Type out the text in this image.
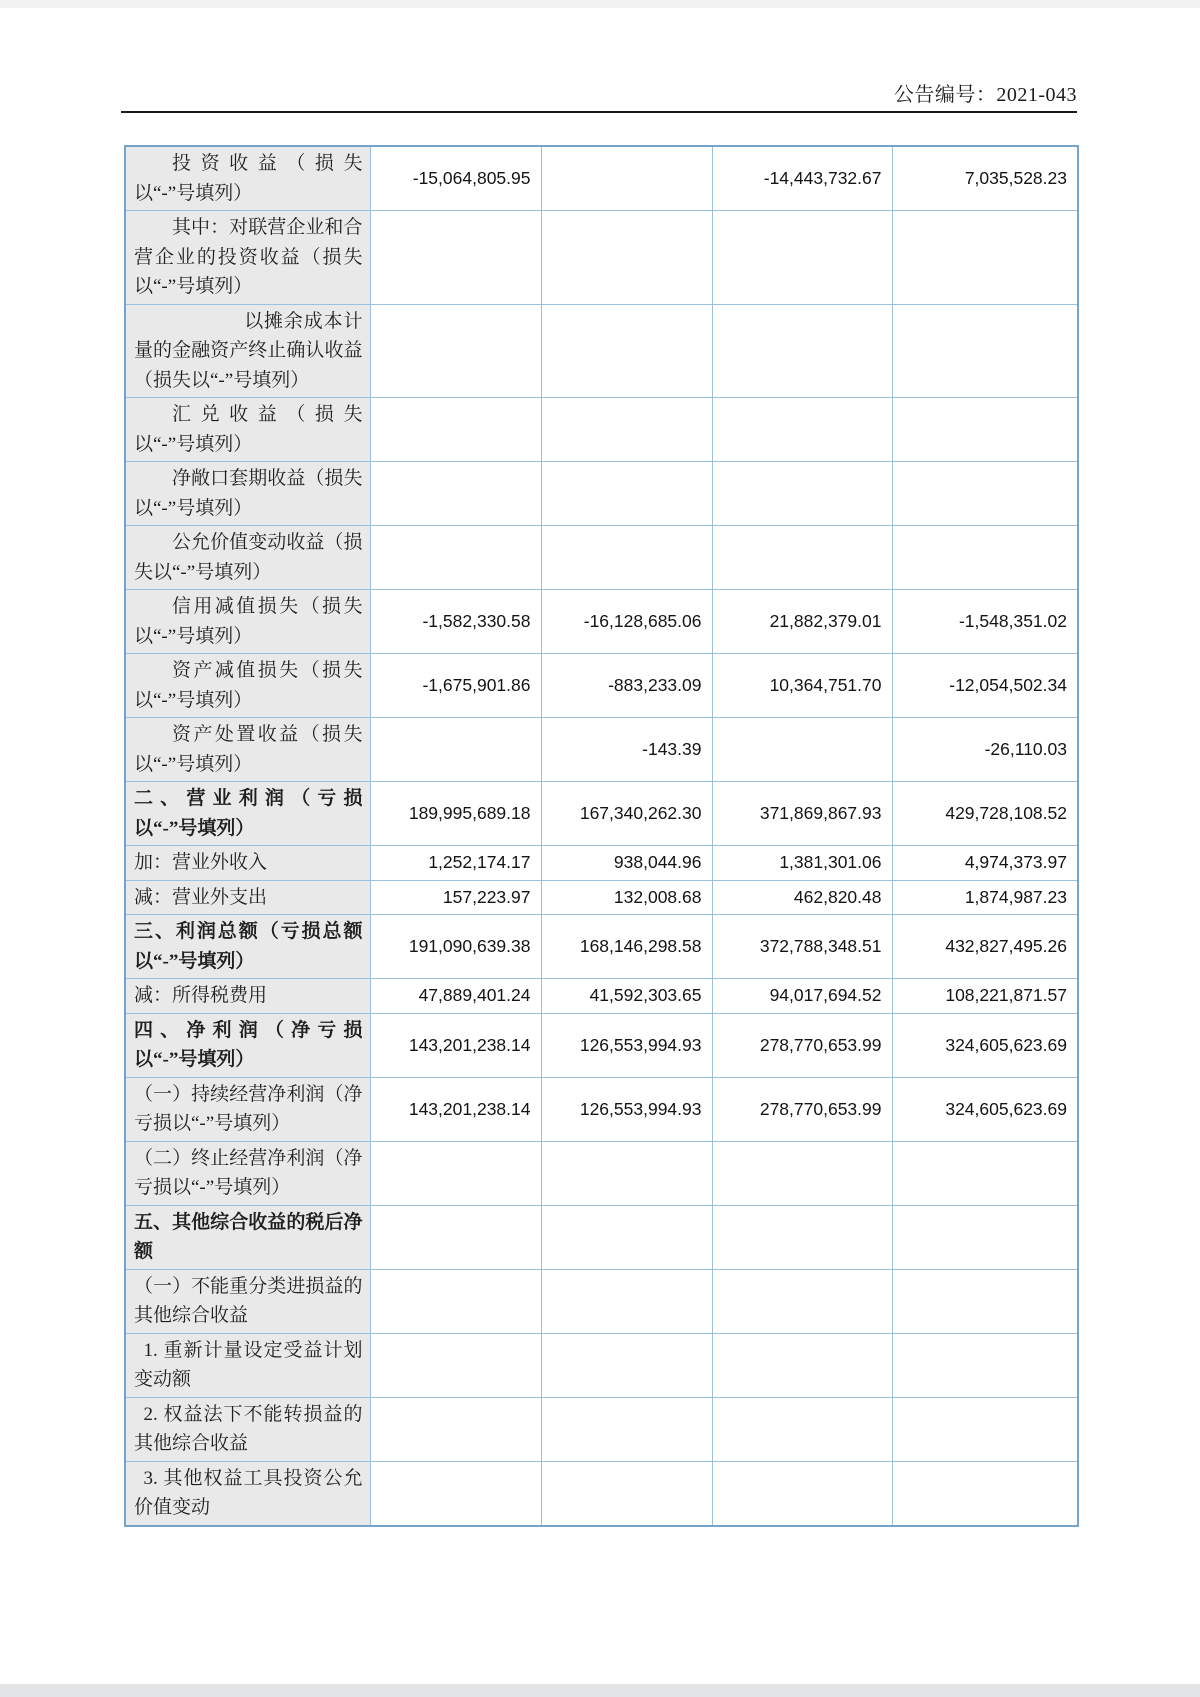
公告编号：2021-043
投资收益（损失以“-”号填列）	-15,064,805.95		-14,443,732.67	7,035,528.23
其中：对联营企业和合营企业的投资收益（损失以“-”号填列）				
以摊余成本计量的金融资产终止确认收益（损失以“-”号填列）				
汇兑收益（损失以“-”号填列）				
净敞口套期收益（损失以“-”号填列）				
公允价值变动收益（损失以“-”号填列）				
信用减值损失（损失以“-”号填列）	-1,582,330.58	-16,128,685.06	21,882,379.01	-1,548,351.02
资产减值损失（损失以“-”号填列）	-1,675,901.86	-883,233.09	10,364,751.70	-12,054,502.34
资产处置收益（损失以“-”号填列）		-143.39		-26,110.03
二、营业利润（亏损以“-”号填列）	189,995,689.18	167,340,262.30	371,869,867.93	429,728,108.52
加：营业外收入	1,252,174.17	938,044.96	1,381,301.06	4,974,373.97
减：营业外支出	157,223.97	132,008.68	462,820.48	1,874,987.23
三、利润总额（亏损总额以“-”号填列）	191,090,639.38	168,146,298.58	372,788,348.51	432,827,495.26
减：所得税费用	47,889,401.24	41,592,303.65	94,017,694.52	108,221,871.57
四、净利润（净亏损以“-”号填列）	143,201,238.14	126,553,994.93	278,770,653.99	324,605,623.69
（一）持续经营净利润（净亏损以“-”号填列）	143,201,238.14	126,553,994.93	278,770,653.99	324,605,623.69
（二）终止经营净利润（净亏损以“-”号填列）				
五、其他综合收益的税后净额				
（一）不能重分类进损益的其他综合收益				
1. 重新计量设定受益计划变动额				
2. 权益法下不能转损益的其他综合收益				
3. 其他权益工具投资公允价值变动				
